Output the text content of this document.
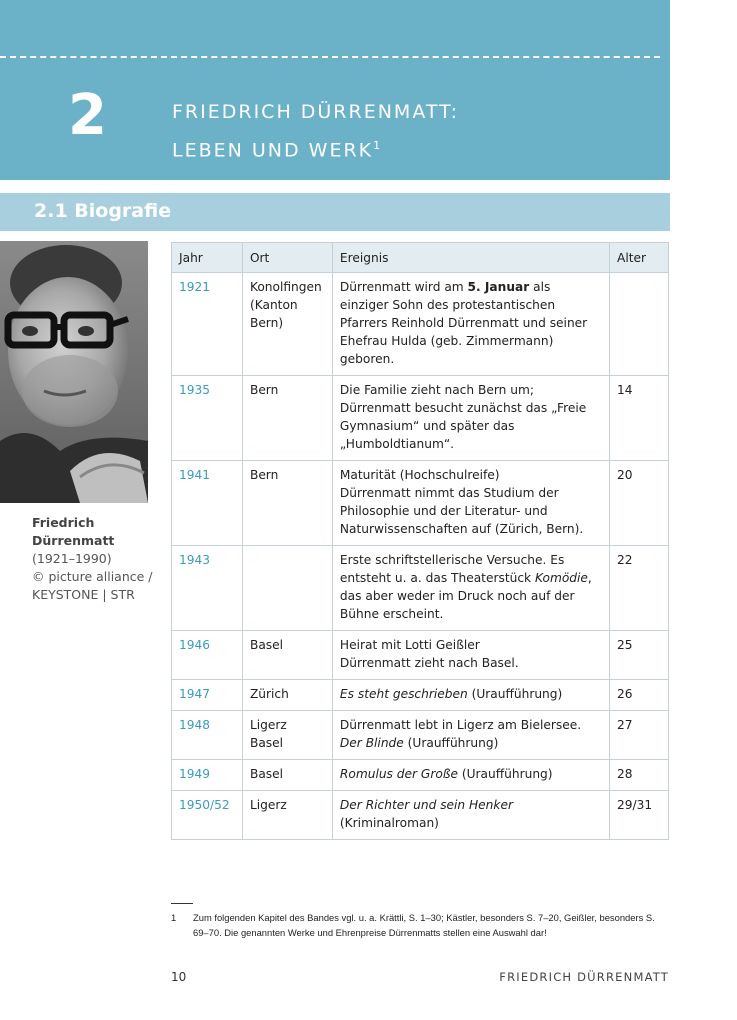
2	FRIEDRICH DÜRRENMATT:
LEBEN UND WERK$^1$
2.1 Biografie
Friedrich
Dürrenmatt
(1921–1990)
© picture alliance /
KEYSTONE | STR
Jahr	Ort	Ereignis	Alter
1921	Konolfingen
(Kanton
Bern)	Dürrenmatt wird am 5. Januar als einziger Sohn des protestantischen Pfarrers Reinhold Dürrenmatt und seiner Ehefrau Hulda (geb. Zimmermann) geboren.	
1935	Bern	Die Familie zieht nach Bern um; Dürrenmatt besucht zunächst das „Freie Gymnasium“ und später das „Humboldtianum“.	14
1941	Bern	Maturität (Hochschulreife)
Dürrenmatt nimmt das Studium der Philosophie und der Literatur- und Naturwissenschaften auf (Zürich, Bern).	20
1943		Erste schriftstellerische Versuche. Es entsteht u. a. das Theaterstück Komödie, das aber weder im Druck noch auf der Bühne erscheint.	22
1946	Basel	Heirat mit Lotti Geißler
Dürrenmatt zieht nach Basel.	25
1947	Zürich	Es steht geschrieben (Uraufführung)	26
1948	Ligerz
Basel	Dürrenmatt lebt in Ligerz am Bielersee.
Der Blinde (Uraufführung)	27
1949	Basel	Romulus der Große (Uraufführung)	28
1950/52	Ligerz	Der Richter und sein Henker (Kriminalroman)	29/31
1 Zum folgenden Kapitel des Bandes vgl. u. a. Krättli, S. 1–30; Kästler, besonders S. 7–20, Geißler, besonders S. 69–70. Die genannten Werke und Ehrenpreise Dürrenmatts stellen eine Auswahl dar!
10	FRIEDRICH DÜRRENMATT
